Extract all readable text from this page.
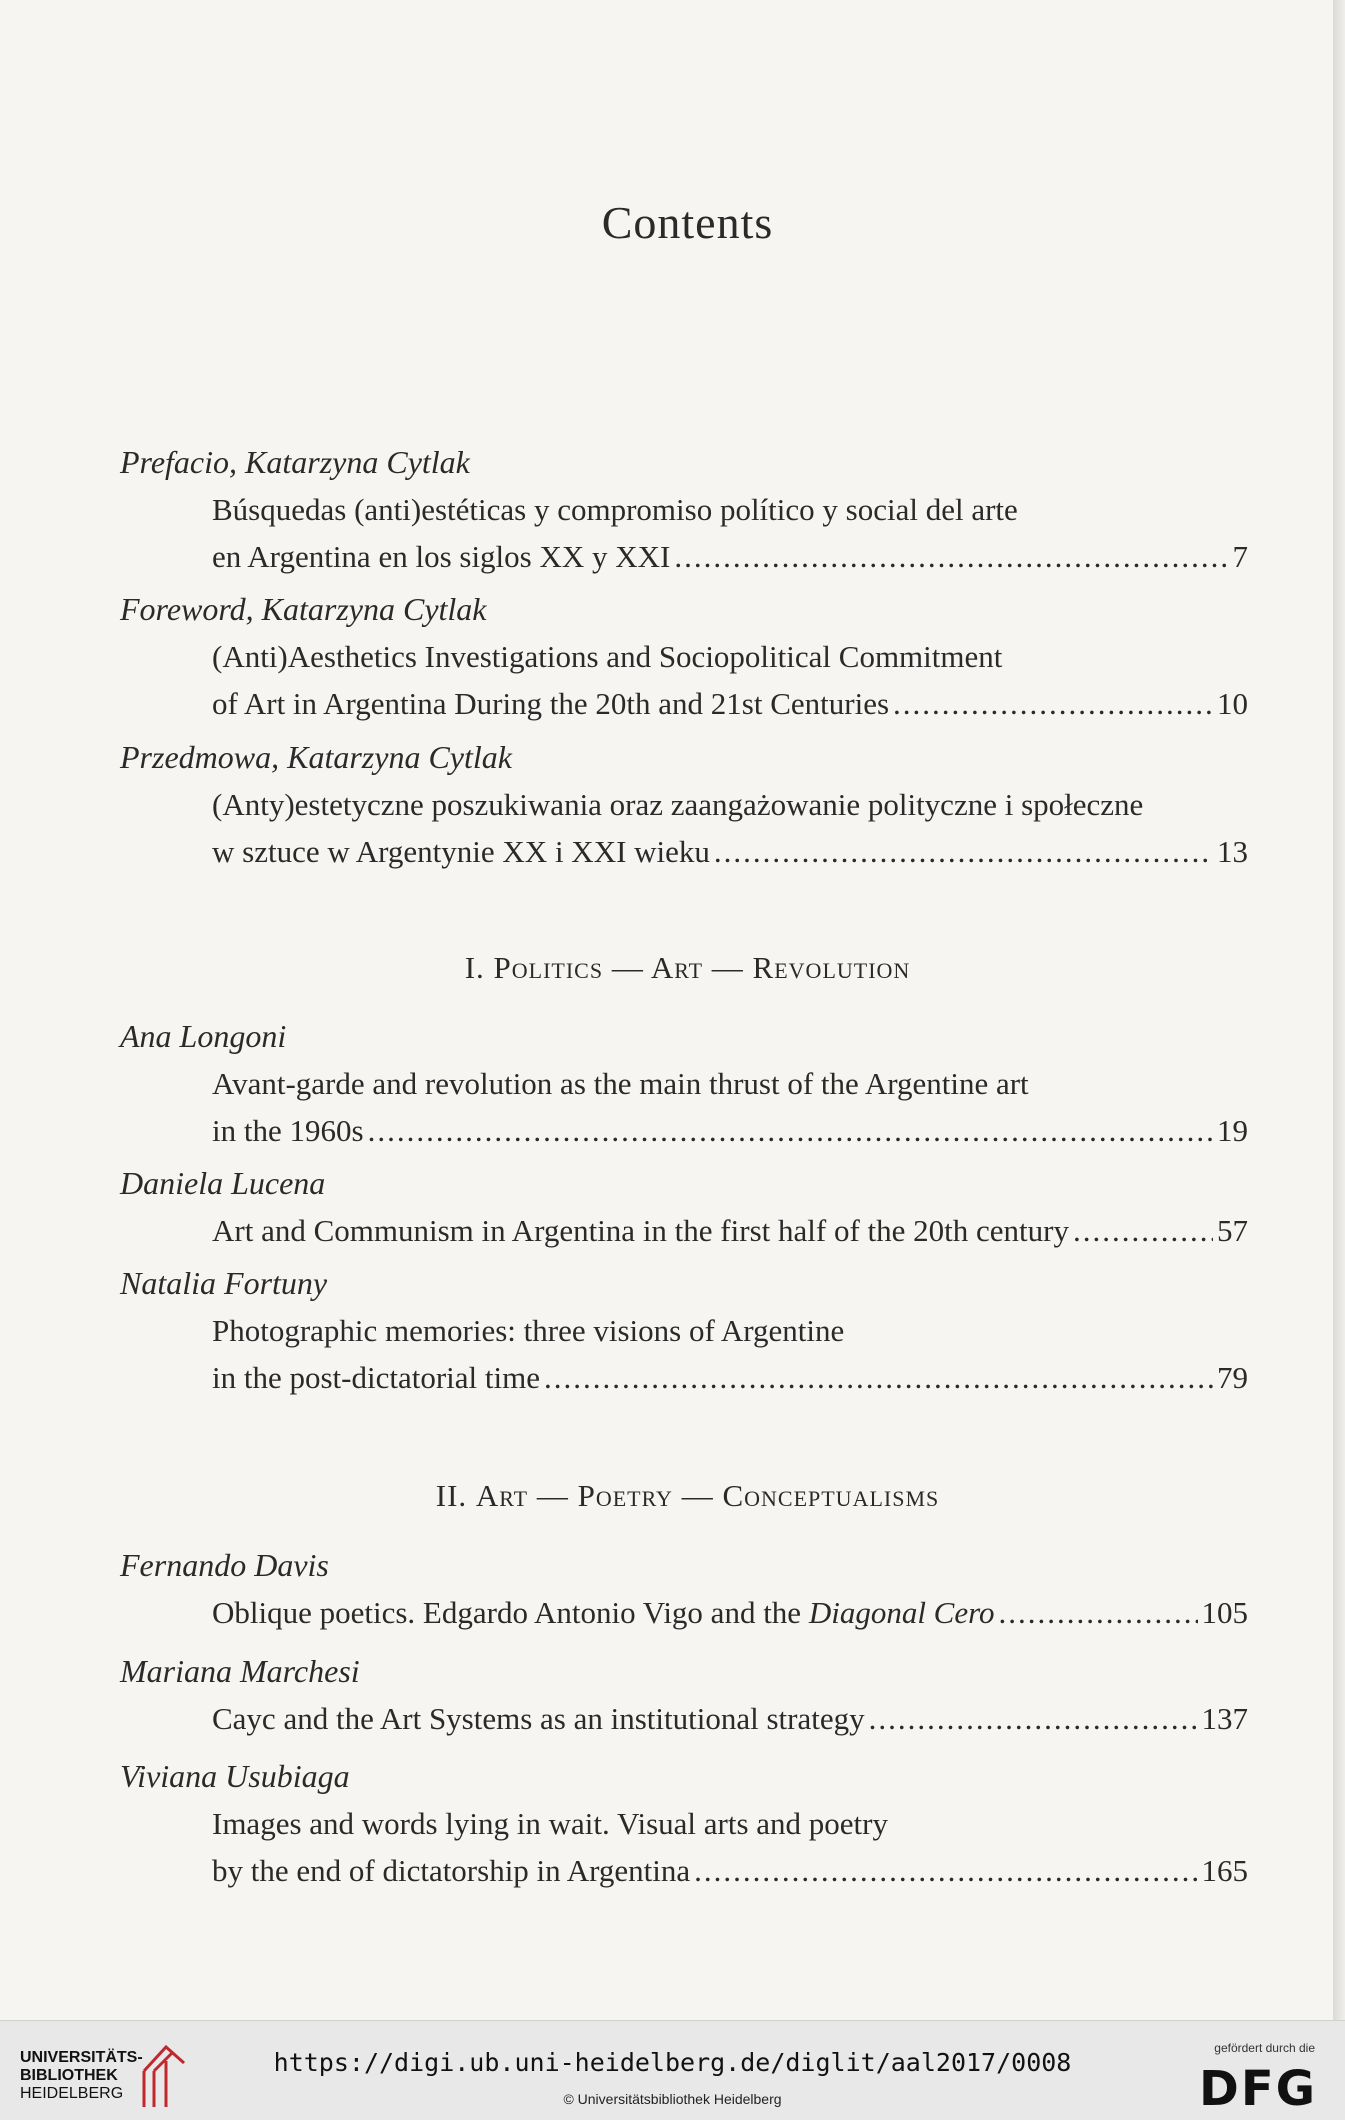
Contents
Prefacio, Katarzyna Cytlak
Búsquedas (anti)estéticas y compromiso político y social del arte
en Argentina en los siglos XX y XXI .....	7
Foreword, Katarzyna Cytlak
(Anti)Aesthetics Investigations and Sociopolitical Commitment
of Art in Argentina During the 20th and 21st Centuries .....	10
Przedmowa, Katarzyna Cytlak
(Anty)estetyczne poszukiwania oraz zaangażowanie polityczne i społeczne
w sztuce w Argentynie XX i XXI wieku .....	13
I. Politics — Art — Revolution
Ana Longoni
Avant-garde and revolution as the main thrust of the Argentine art
in the 1960s .....	19
Daniela Lucena
Art and Communism in Argentina in the first half of the 20th century .....	57
Natalia Fortuny
Photographic memories: three visions of Argentine
in the post-dictatorial time .....	79
II. Art — Poetry — Conceptualisms
Fernando Davis
Oblique poetics. Edgardo Antonio Vigo and the Diagonal Cero .....	105
Mariana Marchesi
Cayc and the Art Systems as an institutional strategy .....	137
Viviana Usubiaga
Images and words lying in wait. Visual arts and poetry
by the end of dictatorship in Argentina .....	165
UNIVERSITÄTS-
BIBLIOTHEK
HEIDELBERG
https://digi.ub.uni-heidelberg.de/diglit/aal2017/0008
© Universitätsbibliothek Heidelberg
gefördert durch die
DFG
